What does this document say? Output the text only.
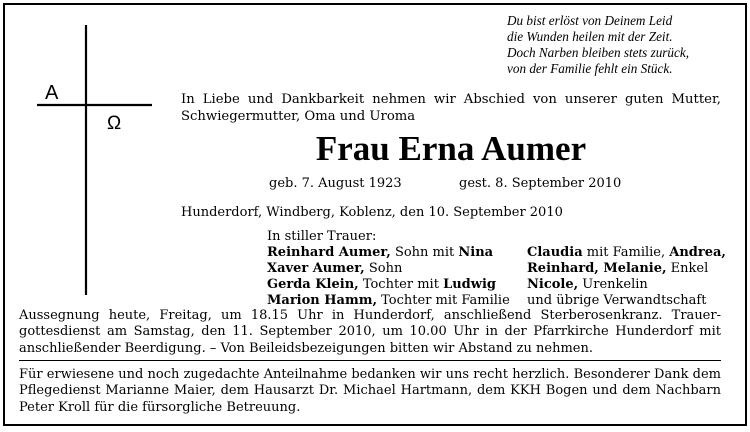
A
Ω
Du bist erlöst von Deinem Leid
die Wunden heilen mit der Zeit.
Doch Narben bleiben stets zurück,
von der Familie fehlt ein Stück.
In Liebe und Dankbarkeit nehmen wir Abschied von unserer guten Mutter, Schwiegermutter, Oma und Uroma
Frau Erna Aumer
geb. 7. August 1923	gest. 8. September 2010
Hunderdorf, Windberg, Koblenz, den 10. September 2010
In stiller Trauer:
Reinhard Aumer, Sohn mit Nina
Xaver Aumer, Sohn
Gerda Klein, Tochter mit Ludwig
Marion Hamm, Tochter mit Familie
Claudia mit Familie, Andrea,
Reinhard, Melanie, Enkel
Nicole, Urenkelin
und übrige Verwandtschaft
Aussegnung heute, Freitag, um 18.15 Uhr in Hunderdorf, anschließend Sterberosenkranz. Trauergottesdienst am Samstag, den 11. September 2010, um 10.00 Uhr in der Pfarrkirche Hunderdorf mit anschließender Beerdigung. – Von Beileidsbezeigungen bitten wir Abstand zu nehmen.
Für erwiesene und noch zugedachte Anteilnahme bedanken wir uns recht herzlich. Besonderer Dank dem Pflegedienst Marianne Maier, dem Hausarzt Dr. Michael Hartmann, dem KKH Bogen und dem Nachbarn Peter Kroll für die fürsorgliche Betreuung.
